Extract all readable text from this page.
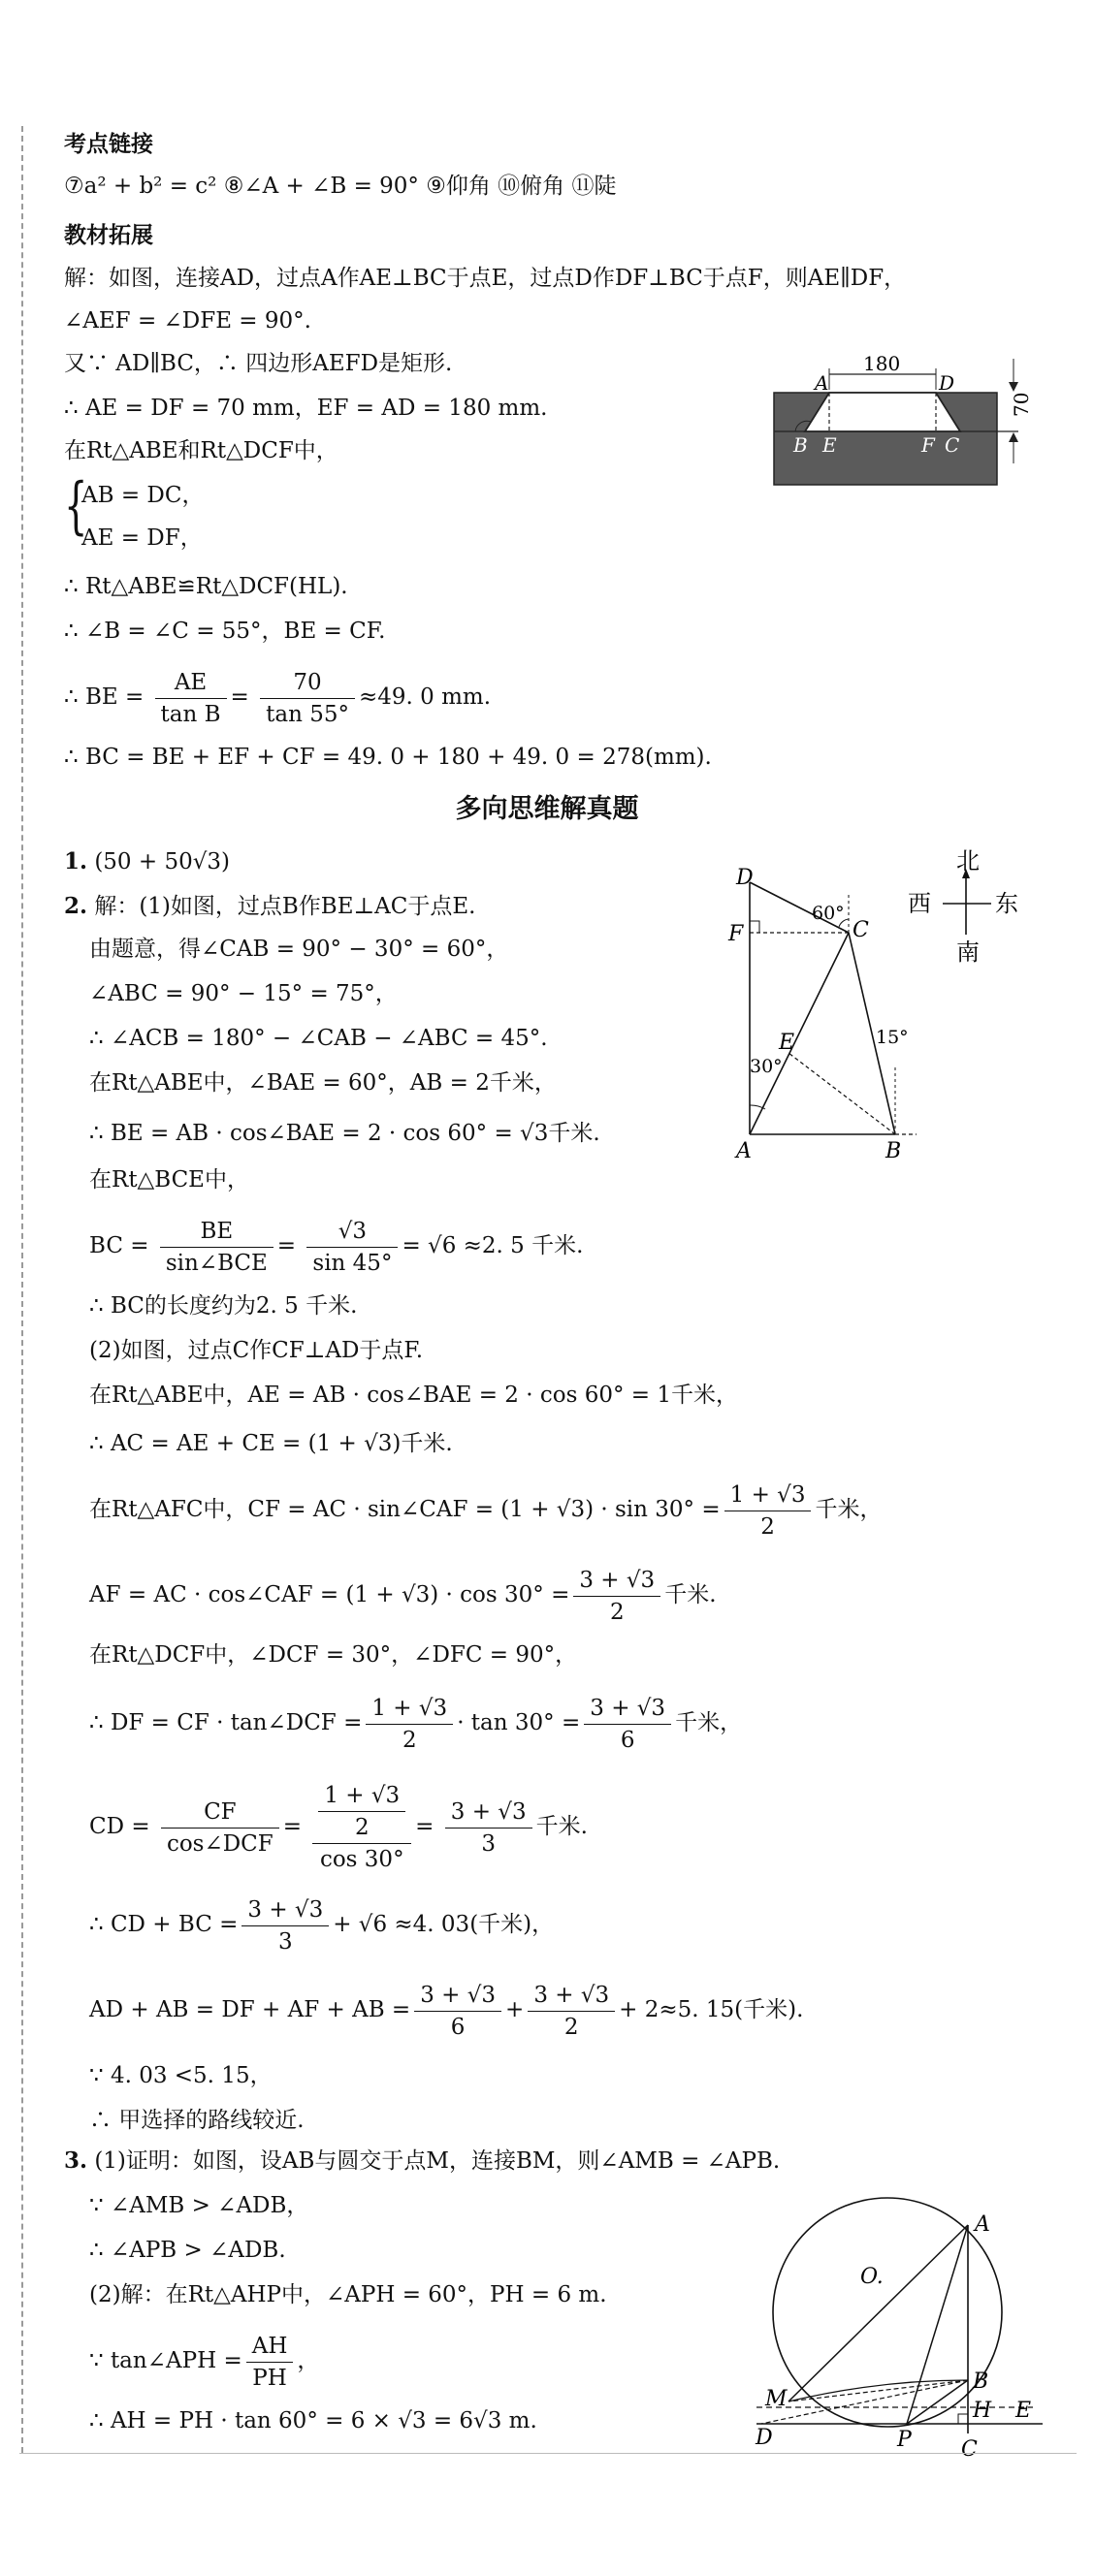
考点链接
⑦a² + b² = c² ⑧∠A + ∠B = 90° ⑨仰角 ⑩俯角 ⑪陡
教材拓展
解：如图，连接AD，过点A作AE⊥BC于点E，过点D作DF⊥BC于点F，则AE∥DF，
∠AEF = ∠DFE = 90°.
又∵ AD∥BC，∴ 四边形AEFD是矩形.
∴ AE = DF = 70 mm，EF = AD = 180 mm.
在Rt△ABE和Rt△DCF中，
{
AB = DC，
AE = DF，
∴ Rt△ABE≌Rt△DCF(HL).
∴ ∠B = ∠C = 55°，BE = CF.
∴ BE = $\frac{AE}{\text{tan B}} = \frac{70}{\tan 55^\circ} \approx 49$. 0 mm.
∴ BC = BE + EF + CF = 49. 0 + 180 + 49. 0 = 278(mm).
180
70
A	D
B E	F C
多向思维解真题
1. (50 + 50√3)
2. 解：(1)如图，过点B作BE⊥AC于点E.
由题意，得∠CAB = 90° − 30° = 60°，
∠ABC = 90° − 15° = 75°，
∴ ∠ACB = 180° − ∠CAB − ∠ABC = 45°.
在Rt△ABE中，∠BAE = 60°，AB = 2千米，
∴ BE = AB · cos∠BAE = 2 · cos 60° = √3千米.
在Rt△BCE中，
BC = $\frac{BE}{\text{sin∠BCE}} = \frac{√3}{\sin 45^\circ} = √6 \approx 2$. 5 千米.
∴ BC的长度约为2. 5 千米.
(2)如图，过点C作CF⊥AD于点F.
在Rt△ABE中，AE = AB · cos∠BAE = 2 · cos 60° = 1千米，
∴ AC = AE + CE = (1 + √3)千米.
在Rt△AFC中，CF = AC · sin∠CAF = $(1 + √3) \cdot \sin 30^\circ = \frac{1 + √3}{2}$ 千米，
AF = AC · cos∠CAF = $(1 + √3) \cdot \cos 30^\circ = \frac{3 + √3}{2}$ 千米.
在Rt△DCF中，∠DCF = 30°，∠DFC = 90°，
∴ DF = CF · tan∠DCF = $\frac{1 + √3}{2} \cdot \tan 30^\circ = \frac{3 + √3}{6}$ 千米，
CD = $\frac{CF}{\text{cos∠DCF}} = \frac{\frac{1 + √3}{2}}{\cos 30^\circ} = \frac{3 + √3}{3}$ 千米.
∴ CD + BC = $\frac{3 + √3}{3} + √6 \approx 4$. 03(千米)，
AD + AB = DF + AF + AB = $\frac{3 + √3}{6} + \frac{3 + √3}{2} + 2\approx 5$. 15(千米).
∵ 4. 03 <5. 15，
∴ 甲选择的路线较近.
D
C
F
E
A	B
60°
30°
15°
北
南
西	东
3. (1)证明：如图，设AB与圆交于点M，连接BM，则∠AMB = ∠APB.
∵ ∠AMB > ∠ADB，
∴ ∠APB > ∠ADB.
(2)解：在Rt△AHP中，∠APH = 60°，PH = 6 m.
∵ tan∠APH = $\frac{AH}{PH}$ ，
∴ AH = PH · tan 60° = 6 × √3 = 6√3 m.
A
O.
B
M	H E
D	P C
